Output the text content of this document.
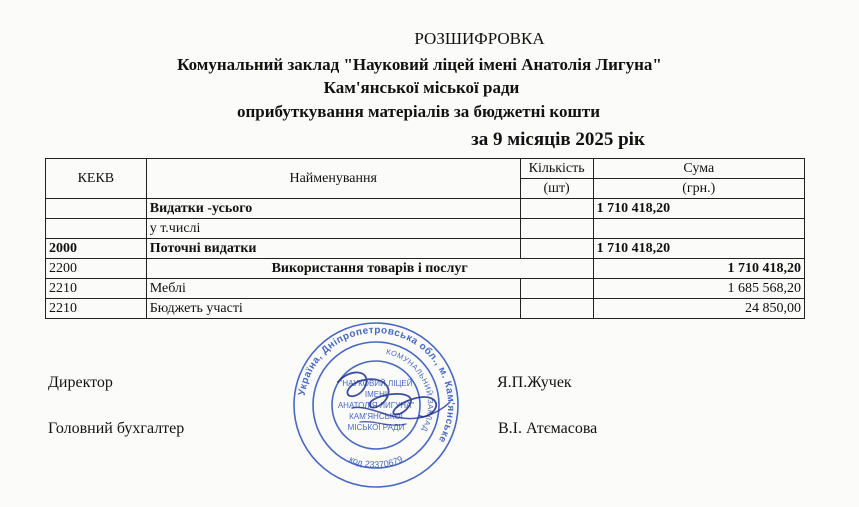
РОЗШИФРОВКА
Комунальний заклад "Науковий ліцей імені Анатолія Лигуна"
Кам'янської міської ради
оприбуткування матеріалів за бюджетні кошти
за 9 місяців 2025 рік
КЕКВ	Найменування	Кількість	Сума
		(шт)	(грн.)
	Видатки -усього		1 710 418,20
	у т.числі		
2000	Поточні видатки		1 710 418,20
2200	Використання товарів і послуг		1 710 418,20
2210	Меблі		1 685 568,20
2210	Бюджеть участі		24 850,00
Директор	Я.П.Жучек
Головний бухгалтер	В.І. Атємасова
Україна, Дніпропетровська обл., м. Кам'янське
КОМУНАЛЬНИЙ ЗАКЛАД
"НАУКОВИЙ ЛІЦЕЙ
ІМЕНІ
АНАТОЛІЯ ЛИГУНА"
КАМ'ЯНСЬКОЇ
МІСЬКОЇ РАДИ
код 23370679
